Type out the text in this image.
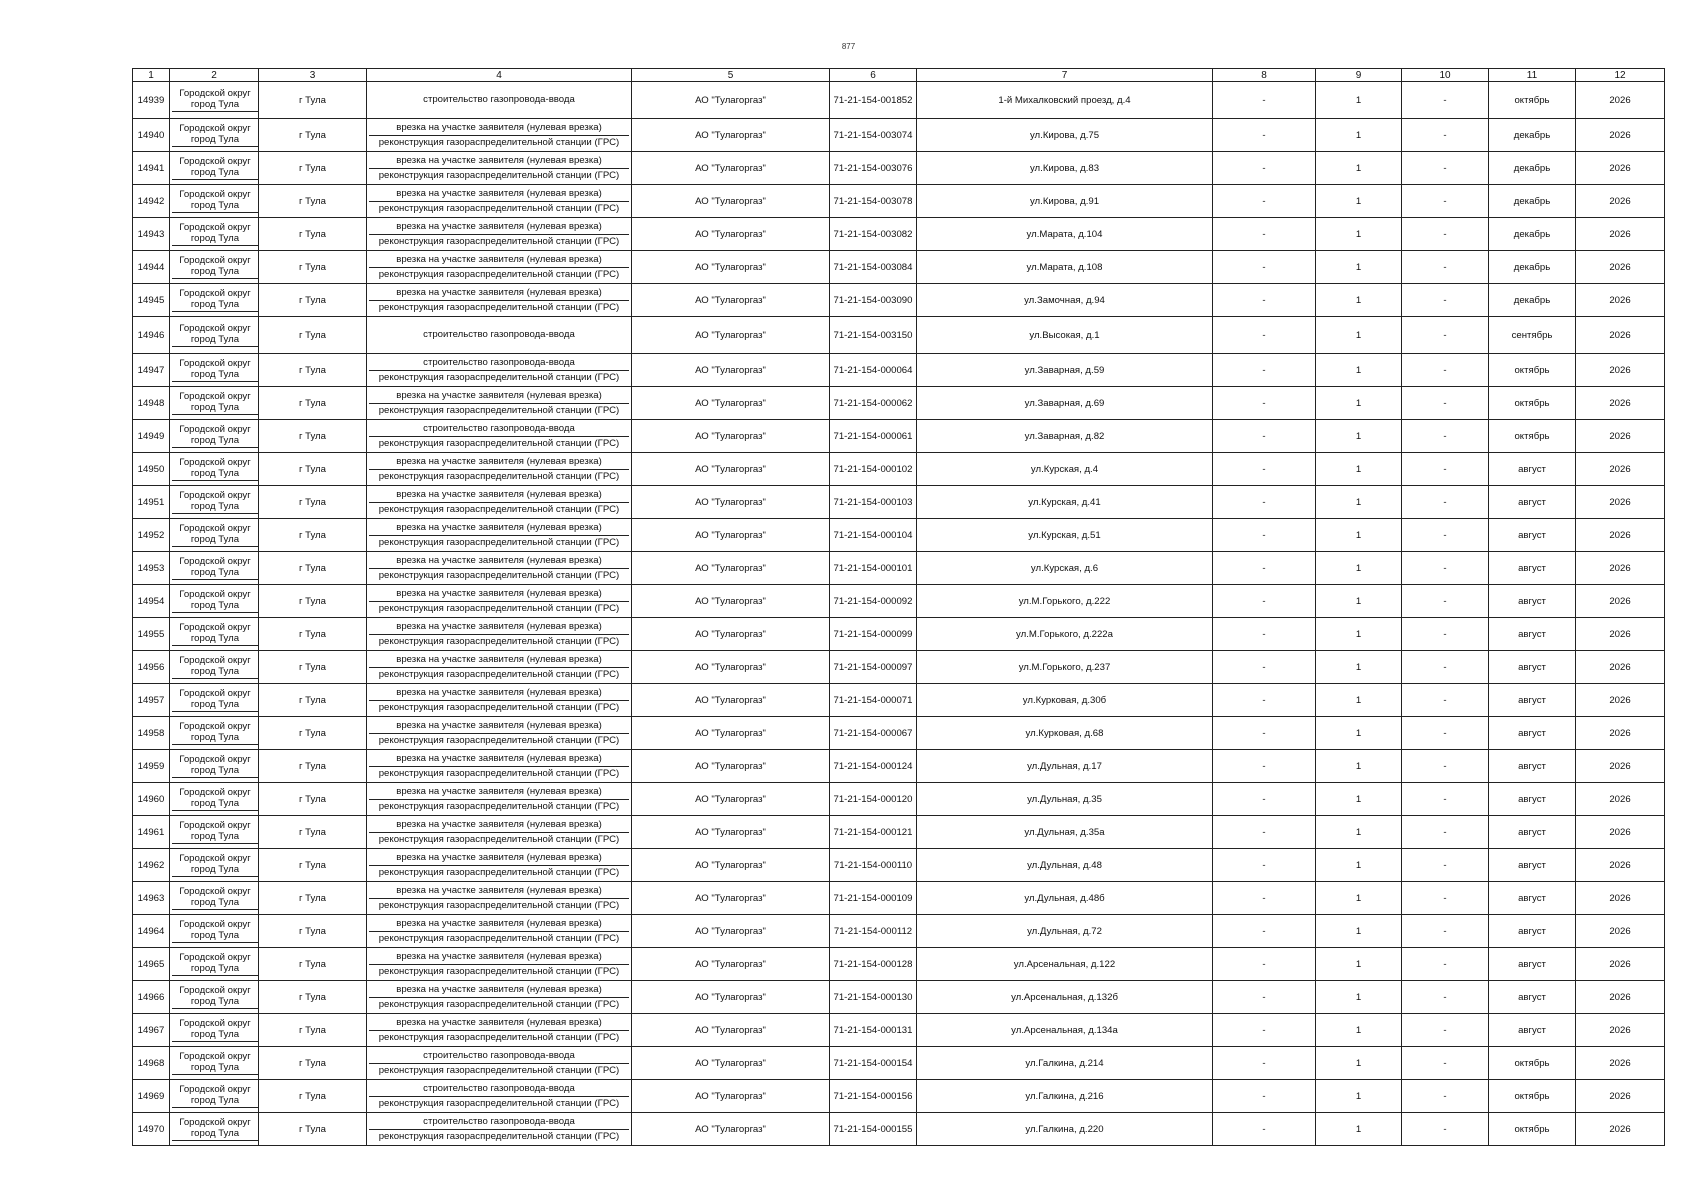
877
1	2	3	4	5	6	7	8	9	10	11	12
14939	Городской округ город Тула	г Тула	строительство газопровода-ввода	АО "Тулагоргаз"	71-21-154-001852	1-й Михалковский проезд, д.4	-	1	-	октябрь	2026
14940	Городской округ город Тула	г Тула	врезка на участке заявителя (нулевая врезка)
реконструкция газораспределительной станции (ГРС)	АО "Тулагоргаз"	71-21-154-003074	ул.Кирова, д.75	-	1	-	декабрь	2026
14941	Городской округ город Тула	г Тула	врезка на участке заявителя (нулевая врезка)
реконструкция газораспределительной станции (ГРС)	АО "Тулагоргаз"	71-21-154-003076	ул.Кирова, д.83	-	1	-	декабрь	2026
14942	Городской округ город Тула	г Тула	врезка на участке заявителя (нулевая врезка)
реконструкция газораспределительной станции (ГРС)	АО "Тулагоргаз"	71-21-154-003078	ул.Кирова, д.91	-	1	-	декабрь	2026
14943	Городской округ город Тула	г Тула	врезка на участке заявителя (нулевая врезка)
реконструкция газораспределительной станции (ГРС)	АО "Тулагоргаз"	71-21-154-003082	ул.Марата, д.104	-	1	-	декабрь	2026
14944	Городской округ город Тула	г Тула	врезка на участке заявителя (нулевая врезка)
реконструкция газораспределительной станции (ГРС)	АО "Тулагоргаз"	71-21-154-003084	ул.Марата, д.108	-	1	-	декабрь	2026
14945	Городской округ город Тула	г Тула	врезка на участке заявителя (нулевая врезка)
реконструкция газораспределительной станции (ГРС)	АО "Тулагоргаз"	71-21-154-003090	ул.Замочная, д.94	-	1	-	декабрь	2026
14946	Городской округ город Тула	г Тула	строительство газопровода-ввода	АО "Тулагоргаз"	71-21-154-003150	ул.Высокая, д.1	-	1	-	сентябрь	2026
14947	Городской округ город Тула	г Тула	строительство газопровода-ввода
реконструкция газораспределительной станции (ГРС)	АО "Тулагоргаз"	71-21-154-000064	ул.Заварная, д.59	-	1	-	октябрь	2026
14948	Городской округ город Тула	г Тула	врезка на участке заявителя (нулевая врезка)
реконструкция газораспределительной станции (ГРС)	АО "Тулагоргаз"	71-21-154-000062	ул.Заварная, д.69	-	1	-	октябрь	2026
14949	Городской округ город Тула	г Тула	строительство газопровода-ввода
реконструкция газораспределительной станции (ГРС)	АО "Тулагоргаз"	71-21-154-000061	ул.Заварная, д.82	-	1	-	октябрь	2026
14950	Городской округ город Тула	г Тула	врезка на участке заявителя (нулевая врезка)
реконструкция газораспределительной станции (ГРС)	АО "Тулагоргаз"	71-21-154-000102	ул.Курская, д.4	-	1	-	август	2026
14951	Городской округ город Тула	г Тула	врезка на участке заявителя (нулевая врезка)
реконструкция газораспределительной станции (ГРС)	АО "Тулагоргаз"	71-21-154-000103	ул.Курская, д.41	-	1	-	август	2026
14952	Городской округ город Тула	г Тула	врезка на участке заявителя (нулевая врезка)
реконструкция газораспределительной станции (ГРС)	АО "Тулагоргаз"	71-21-154-000104	ул.Курская, д.51	-	1	-	август	2026
14953	Городской округ город Тула	г Тула	врезка на участке заявителя (нулевая врезка)
реконструкция газораспределительной станции (ГРС)	АО "Тулагоргаз"	71-21-154-000101	ул.Курская, д.6	-	1	-	август	2026
14954	Городской округ город Тула	г Тула	врезка на участке заявителя (нулевая врезка)
реконструкция газораспределительной станции (ГРС)	АО "Тулагоргаз"	71-21-154-000092	ул.М.Горького, д.222	-	1	-	август	2026
14955	Городской округ город Тула	г Тула	врезка на участке заявителя (нулевая врезка)
реконструкция газораспределительной станции (ГРС)	АО "Тулагоргаз"	71-21-154-000099	ул.М.Горького, д.222а	-	1	-	август	2026
14956	Городской округ город Тула	г Тула	врезка на участке заявителя (нулевая врезка)
реконструкция газораспределительной станции (ГРС)	АО "Тулагоргаз"	71-21-154-000097	ул.М.Горького, д.237	-	1	-	август	2026
14957	Городской округ город Тула	г Тула	врезка на участке заявителя (нулевая врезка)
реконструкция газораспределительной станции (ГРС)	АО "Тулагоргаз"	71-21-154-000071	ул.Курковая, д.30б	-	1	-	август	2026
14958	Городской округ город Тула	г Тула	врезка на участке заявителя (нулевая врезка)
реконструкция газораспределительной станции (ГРС)	АО "Тулагоргаз"	71-21-154-000067	ул.Курковая, д.68	-	1	-	август	2026
14959	Городской округ город Тула	г Тула	врезка на участке заявителя (нулевая врезка)
реконструкция газораспределительной станции (ГРС)	АО "Тулагоргаз"	71-21-154-000124	ул.Дульная, д.17	-	1	-	август	2026
14960	Городской округ город Тула	г Тула	врезка на участке заявителя (нулевая врезка)
реконструкция газораспределительной станции (ГРС)	АО "Тулагоргаз"	71-21-154-000120	ул.Дульная, д.35	-	1	-	август	2026
14961	Городской округ город Тула	г Тула	врезка на участке заявителя (нулевая врезка)
реконструкция газораспределительной станции (ГРС)	АО "Тулагоргаз"	71-21-154-000121	ул.Дульная, д.35а	-	1	-	август	2026
14962	Городской округ город Тула	г Тула	врезка на участке заявителя (нулевая врезка)
реконструкция газораспределительной станции (ГРС)	АО "Тулагоргаз"	71-21-154-000110	ул.Дульная, д.48	-	1	-	август	2026
14963	Городской округ город Тула	г Тула	врезка на участке заявителя (нулевая врезка)
реконструкция газораспределительной станции (ГРС)	АО "Тулагоргаз"	71-21-154-000109	ул.Дульная, д.48б	-	1	-	август	2026
14964	Городской округ город Тула	г Тула	врезка на участке заявителя (нулевая врезка)
реконструкция газораспределительной станции (ГРС)	АО "Тулагоргаз"	71-21-154-000112	ул.Дульная, д.72	-	1	-	август	2026
14965	Городской округ город Тула	г Тула	врезка на участке заявителя (нулевая врезка)
реконструкция газораспределительной станции (ГРС)	АО "Тулагоргаз"	71-21-154-000128	ул.Арсенальная, д.122	-	1	-	август	2026
14966	Городской округ город Тула	г Тула	врезка на участке заявителя (нулевая врезка)
реконструкция газораспределительной станции (ГРС)	АО "Тулагоргаз"	71-21-154-000130	ул.Арсенальная, д.132б	-	1	-	август	2026
14967	Городской округ город Тула	г Тула	врезка на участке заявителя (нулевая врезка)
реконструкция газораспределительной станции (ГРС)	АО "Тулагоргаз"	71-21-154-000131	ул.Арсенальная, д.134а	-	1	-	август	2026
14968	Городской округ город Тула	г Тула	строительство газопровода-ввода
реконструкция газораспределительной станции (ГРС)	АО "Тулагоргаз"	71-21-154-000154	ул.Галкина, д.214	-	1	-	октябрь	2026
14969	Городской округ город Тула	г Тула	строительство газопровода-ввода
реконструкция газораспределительной станции (ГРС)	АО "Тулагоргаз"	71-21-154-000156	ул.Галкина, д.216	-	1	-	октябрь	2026
14970	Городской округ город Тула	г Тула	строительство газопровода-ввода
реконструкция газораспределительной станции (ГРС)	АО "Тулагоргаз"	71-21-154-000155	ул.Галкина, д.220	-	1	-	октябрь	2026
